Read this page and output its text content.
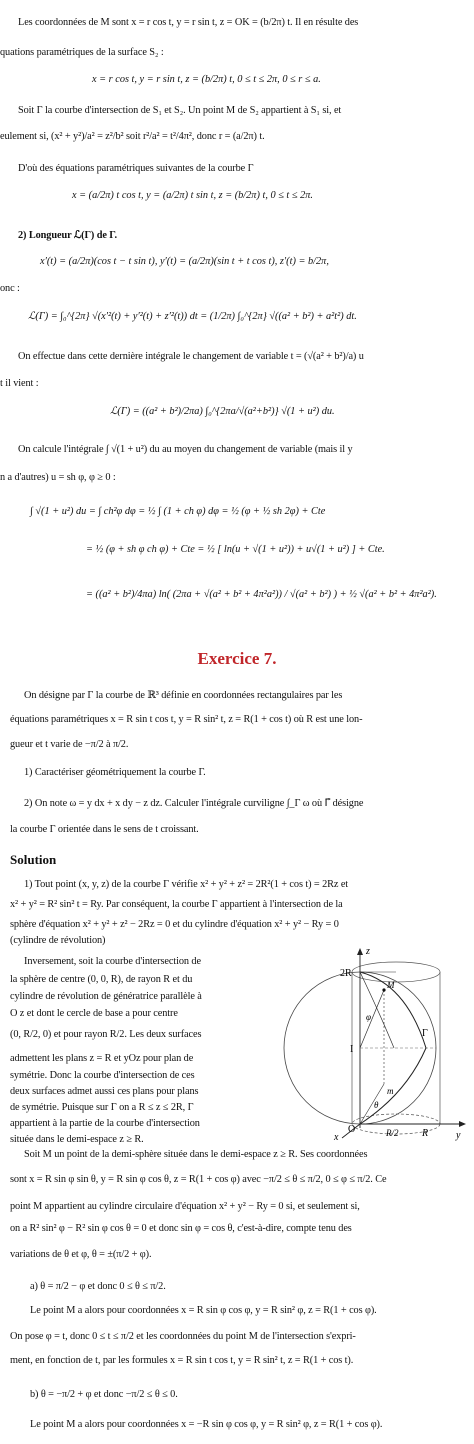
Les coordonnées de M sont x = r cos t, y = r sin t, z = OK = (b/2π) t. Il en résulte des
quations paramétriques de la surface S₂ :
x = r cos t, y = r sin t, z = (b/2π) t, 0 ≤ t ≤ 2π, 0 ≤ r ≤ a.
Soit Γ la courbe d'intersection de S₁ et S₂. Un point M de S₂ appartient à S₁ si, et
eulement si, (x² + y²)/a² = z²/b² soit r²/a² = t²/4π², donc r = (a/2π) t.
D'où des équations paramétriques suivantes de la courbe Γ
x = (a/2π) t cos t, y = (a/2π) t sin t, z = (b/2π) t, 0 ≤ t ≤ 2π.
2) Longueur ℒ(Γ) de Γ.
x′(t) = (a/2π)(cos t − t sin t), y′(t) = (a/2π)(sin t + t cos t), z′(t) = b/2π,
onc :
ℒ(Γ) = ∫₀^{2π} √(x′²(t) + y′²(t) + z′²(t)) dt = (1/2π) ∫₀^{2π} √((a² + b²) + a²t²) dt.
On effectue dans cette dernière intégrale le changement de variable t = (√(a² + b²)/a) u
t il vient :
ℒ(Γ) = ((a² + b²)/2πa) ∫₀^{2πa/√(a²+b²)} √(1 + u²) du.
On calcule l'intégrale ∫ √(1 + u²) du au moyen du changement de variable (mais il y
n a d'autres) u = sh φ, φ ≥ 0 :
∫ √(1 + u²) du = ∫ ch²φ dφ = ½ ∫ (1 + ch φ) dφ = ½ (φ + ½ sh 2φ) + Cte
= ½ (φ + sh φ ch φ) + Cte = ½ [ ln(u + √(1 + u²)) + u√(1 + u²) ] + Cte.
= ((a² + b²)/4πa) ln( (2πa + √(a² + b² + 4π²a²)) / √(a² + b²) ) + ½ √(a² + b² + 4π²a²).
Exercice 7.
On désigne par Γ la courbe de ℝ³ définie en coordonnées rectangulaires par les
équations paramétriques x = R sin t cos t, y = R sin² t, z = R(1 + cos t) où R est une lon-
gueur et t varie de −π/2 à π/2.
1) Caractériser géométriquement la courbe Γ.
2) On note ω = y dx + x dy − z dz. Calculer l'intégrale curviligne ∫_Γ ω où Γ⃗ désigne
la courbe Γ orientée dans le sens de t croissant.
Solution
1) Tout point (x, y, z) de la courbe Γ vérifie x² + y² + z² = 2R²(1 + cos t) = 2Rz et
x² + y² = R² sin² t = Ry. Par conséquent, la courbe Γ appartient à l'intersection de la
sphère d'équation x² + y² + z² − 2Rz = 0 et du cylindre d'équation x² + y² − Ry = 0
(cylindre de révolution)
Inversement, soit la courbe d'intersection de
la sphère de centre (0, 0, R), de rayon R et du
cylindre de révolution de génératrice parallèle à
O z et dont le cercle de base a pour centre
(0, R/2, 0) et pour rayon R/2. Les deux surfaces
admettent les plans z = R et yOz pour plan de
symétrie. Donc la courbe d'intersection de ces
deux surfaces admet aussi ces plans pour plans
de symétrie. Puisque sur Γ on a R ≤ z ≤ 2R, Γ
appartient à la partie de la courbe d'intersection
située dans le demi-espace z ≥ R.
z
y
x
O
I
2R
R
R/2
M
m
φ
θ
Γ
Soit M un point de la demi-sphère située dans le demi-espace z ≥ R. Ses coordonnées
sont x = R sin φ sin θ, y = R sin φ cos θ, z = R(1 + cos φ) avec −π/2 ≤ θ ≤ π/2, 0 ≤ φ ≤ π/2. Ce
point M appartient au cylindre circulaire d'équation x² + y² − Ry = 0 si, et seulement si,
on a R² sin² φ − R² sin φ cos θ = 0 et donc sin φ = cos θ, c'est-à-dire, compte tenu des
variations de θ et φ, θ = ±(π/2 + φ).
a) θ = π/2 − φ et donc 0 ≤ θ ≤ π/2.
Le point M a alors pour coordonnées x = R sin φ cos φ, y = R sin² φ, z = R(1 + cos φ).
On pose φ = t, donc 0 ≤ t ≤ π/2 et les coordonnées du point M de l'intersection s'expri-
ment, en fonction de t, par les formules x = R sin t cos t, y = R sin² t, z = R(1 + cos t).
b) θ = −π/2 + φ et donc −π/2 ≤ θ ≤ 0.
Le point M a alors pour coordonnées x = −R sin φ cos φ, y = R sin² φ, z = R(1 + cos φ).
